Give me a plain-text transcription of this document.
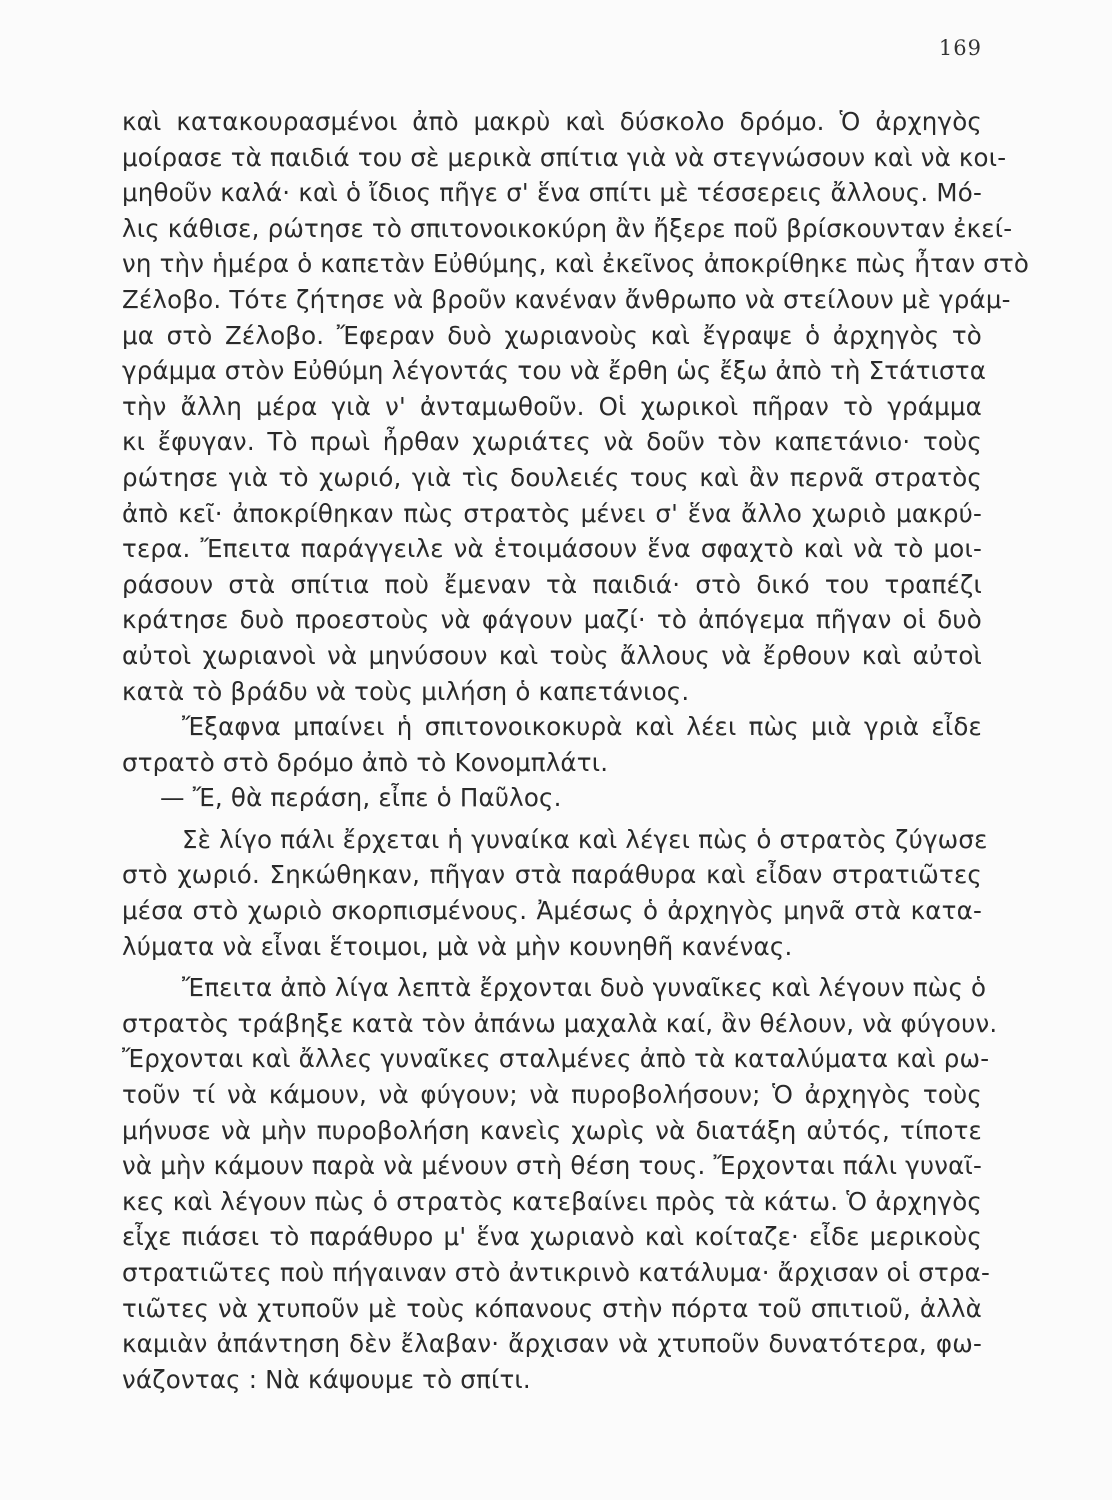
169
καὶ κατακουρασμένοι ἀπὸ μακρὺ καὶ δύσκολο δρόμο. Ὁ ἀρχηγὸς
μοίρασε τὰ παιδιά του σὲ μερικὰ σπίτια γιὰ νὰ στεγνώσουν καὶ νὰ κοι-
μηθοῦν καλά· καὶ ὁ ἴδιος πῆγε σ' ἕνα σπίτι μὲ τέσσερεις ἄλλους. Μό-
λις κάθισε, ρώτησε τὸ σπιτονοικοκύρη ἂν ἤξερε ποῦ βρίσκουνταν ἐκεί-
νη τὴν ἡμέρα ὁ καπετὰν Εὐθύμης, καὶ ἐκεῖνος ἀποκρίθηκε πὼς ἦταν στὸ
Ζέλοβο. Τότε ζήτησε νὰ βροῦν κανέναν ἄνθρωπο νὰ στείλουν μὲ γράμ-
μα στὸ Ζέλοβο. Ἔφεραν δυὸ χωριανοὺς καὶ ἔγραψε ὁ ἀρχηγὸς τὸ
γράμμα στὸν Εὐθύμη λέγοντάς του νὰ ἔρθη ὡς ἔξω ἀπὸ τὴ Στάτιστα
τὴν ἄλλη μέρα γιὰ ν' ἀνταμωθοῦν. Οἱ χωρικοὶ πῆραν τὸ γράμμα
κι ἔφυγαν. Τὸ πρωὶ ἦρθαν χωριάτες νὰ δοῦν τὸν καπετάνιο· τοὺς
ρώτησε γιὰ τὸ χωριό, γιὰ τὶς δουλειές τους καὶ ἂν περνᾶ στρατὸς
ἀπὸ κεῖ· ἀποκρίθηκαν πὼς στρατὸς μένει σ' ἕνα ἄλλο χωριὸ μακρύ-
τερα. Ἔπειτα παράγγειλε νὰ ἑτοιμάσουν ἕνα σφαχτὸ καὶ νὰ τὸ μοι-
ράσουν στὰ σπίτια ποὺ ἔμεναν τὰ παιδιά· στὸ δικό του τραπέζι
κράτησε δυὸ προεστοὺς νὰ φάγουν μαζί· τὸ ἀπόγεμα πῆγαν οἱ δυὸ
αὐτοὶ χωριανοὶ νὰ μηνύσουν καὶ τοὺς ἄλλους νὰ ἔρθουν καὶ αὐτοὶ
κατὰ τὸ βράδυ νὰ τοὺς μιλήση ὁ καπετάνιος.
Ἔξαφνα μπαίνει ἡ σπιτονοικοκυρὰ καὶ λέει πὼς μιὰ γριὰ εἶδε
στρατὸ στὸ δρόμο ἀπὸ τὸ Κονομπλάτι.
— Ἔ, θὰ περάση, εἶπε ὁ Παῦλος.
Σὲ λίγο πάλι ἔρχεται ἡ γυναίκα καὶ λέγει πὼς ὁ στρατὸς ζύγωσε
στὸ χωριό. Σηκώθηκαν, πῆγαν στὰ παράθυρα καὶ εἶδαν στρατιῶτες
μέσα στὸ χωριὸ σκορπισμένους. Ἀμέσως ὁ ἀρχηγὸς μηνᾶ στὰ κατα-
λύματα νὰ εἶναι ἕτοιμοι, μὰ νὰ μὴν κουνηθῆ κανένας.
Ἔπειτα ἀπὸ λίγα λεπτὰ ἔρχονται δυὸ γυναῖκες καὶ λέγουν πὼς ὁ
στρατὸς τράβηξε κατὰ τὸν ἀπάνω μαχαλὰ καί, ἂν θέλουν, νὰ φύγουν.
Ἔρχονται καὶ ἄλλες γυναῖκες σταλμένες ἀπὸ τὰ καταλύματα καὶ ρω-
τοῦν τί νὰ κάμουν, νὰ φύγουν; νὰ πυροβολήσουν; Ὁ ἀρχηγὸς τοὺς
μήνυσε νὰ μὴν πυροβολήση κανεὶς χωρὶς νὰ διατάξη αὐτός, τίποτε
νὰ μὴν κάμουν παρὰ νὰ μένουν στὴ θέση τους. Ἔρχονται πάλι γυναῖ-
κες καὶ λέγουν πὼς ὁ στρατὸς κατεβαίνει πρὸς τὰ κάτω. Ὁ ἀρχηγὸς
εἶχε πιάσει τὸ παράθυρο μ' ἕνα χωριανὸ καὶ κοίταζε· εἶδε μερικοὺς
στρατιῶτες ποὺ πήγαιναν στὸ ἀντικρινὸ κατάλυμα· ἄρχισαν οἱ στρα-
τιῶτες νὰ χτυποῦν μὲ τοὺς κόπανους στὴν πόρτα τοῦ σπιτιοῦ, ἀλλὰ
καμιὰν ἀπάντηση δὲν ἔλαβαν· ἄρχισαν νὰ χτυποῦν δυνατότερα, φω-
νάζοντας : Νὰ κάψουμε τὸ σπίτι.
